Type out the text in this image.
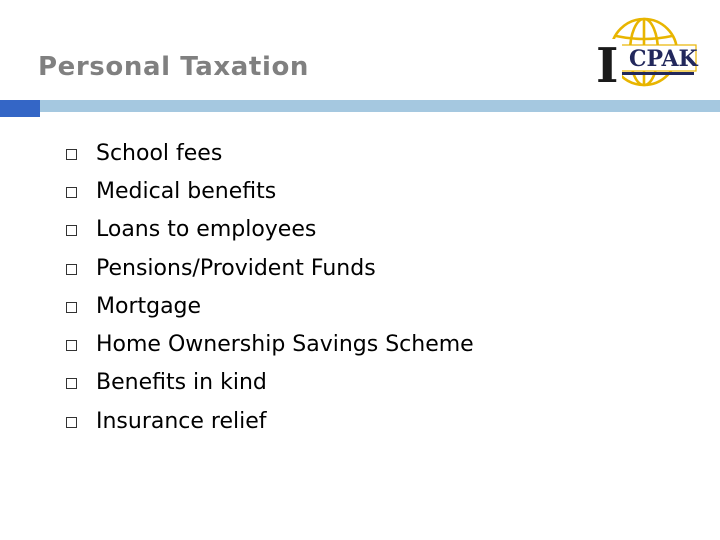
Personal Taxation	CPAK
I
School fees
Medical benefits
Loans to employees
Pensions/Provident Funds
Mortgage
Home Ownership Savings Scheme
Benefits in kind
Insurance relief
